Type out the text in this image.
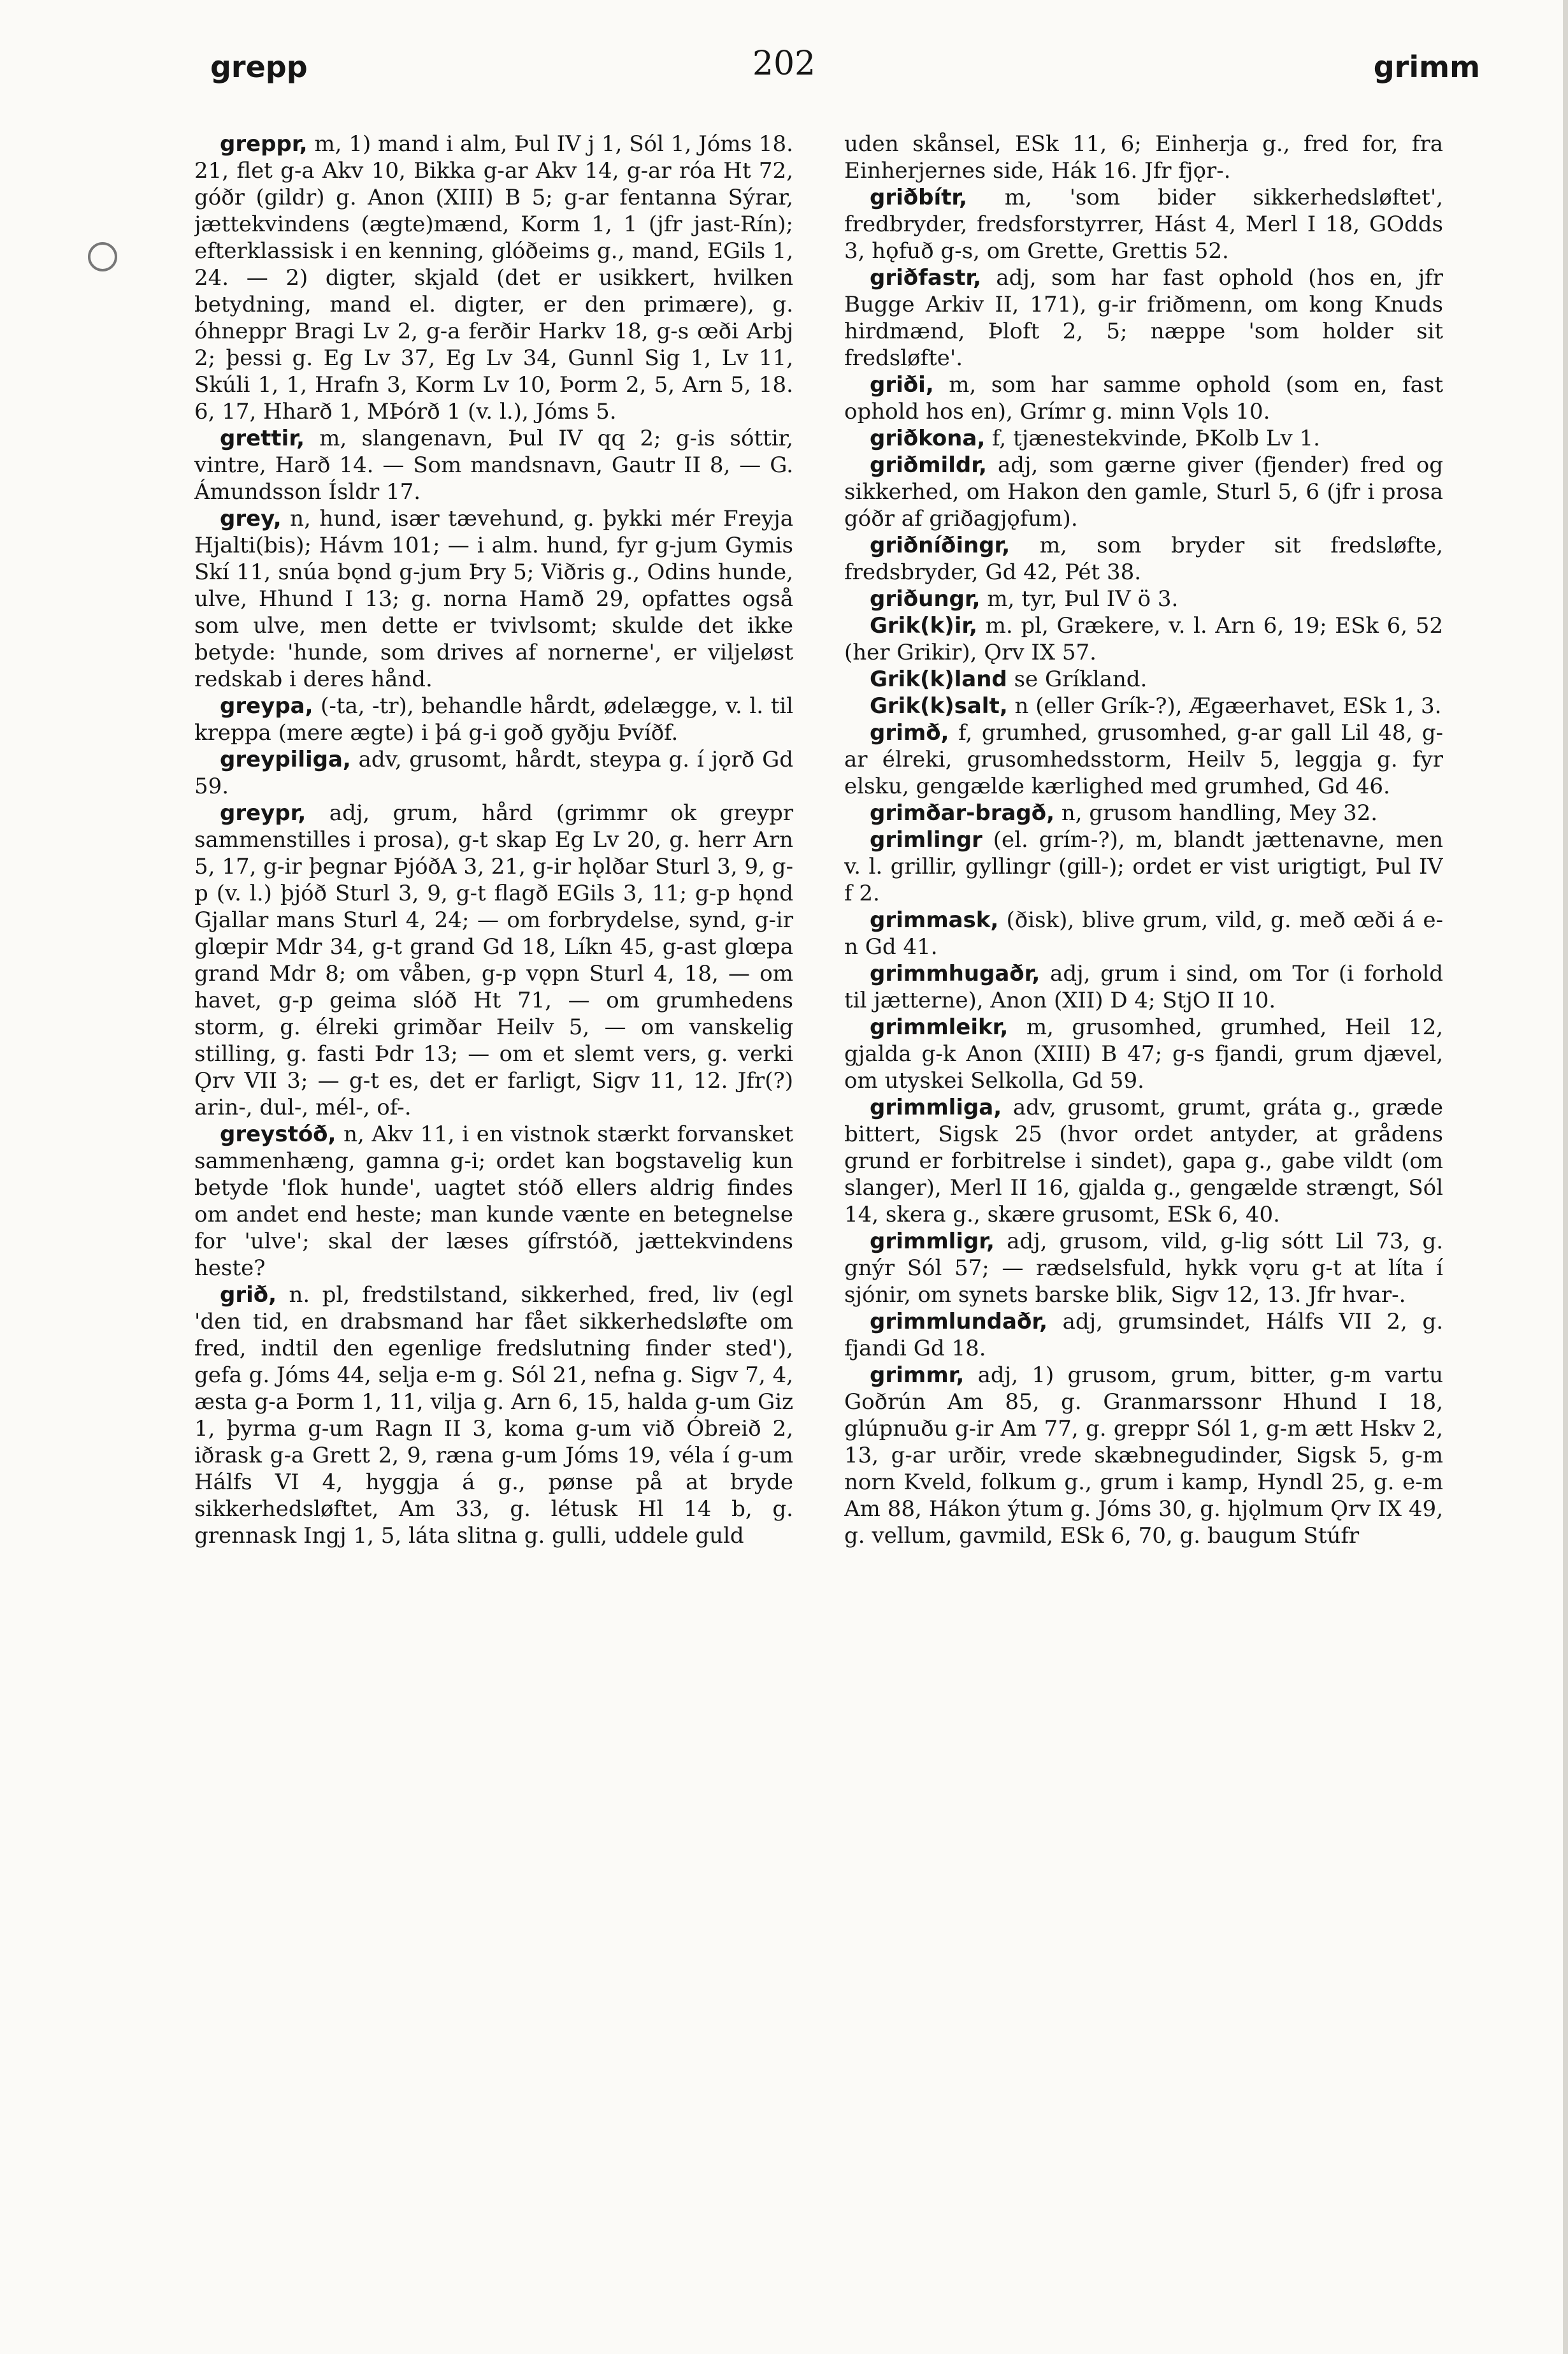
grepp	202	grimm

greppr, m, 1) mand i alm, Þul IV j 1, Sól 1, Jóms 18. 21, flet g-a Akv 10, Bikka g-ar Akv 14, g-ar róa Ht 72, góðr (gildr) g. Anon (XIII) B 5; g-ar fentanna Sýrar, jættekvindens (ægte)mænd, Korm 1, 1 (jfr jast-Rín); efterklassisk i en kenning, glóðeims g., mand, EGils 1, 24. — 2) digter, skjald (det er usikkert, hvilken betydning, mand el. digter, er den primære), g. óhneppr Bragi Lv 2, g-a ferðir Harkv 18, g-s œði Arbj 2; þessi g. Eg Lv 37, Eg Lv 34, Gunnl Sig 1, Lv 11, Skúli 1, 1, Hrafn 3, Korm Lv 10, Þorm 2, 5, Arn 5, 18. 6, 17, Hharð 1, MÞórð 1 (v. l.), Jóms 5.

grettir, m, slangenavn, Þul IV qq 2; g-is sóttir, vintre, Harð 14. — Som mandsnavn, Gautr II 8, — G. Ámundsson Ísldr 17.

grey, n, hund, især tævehund, g. þykki mér Freyja Hjalti(bis); Hávm 101; — i alm. hund, fyr g-jum Gymis Skí 11, snúa bǫnd g-jum Þry 5; Viðris g., Odins hunde, ulve, Hhund I 13; g. norna Hamð 29, opfattes også som ulve, men dette er tvivlsomt; skulde det ikke betyde: 'hunde, som drives af nornerne', er viljeløst redskab i deres hånd.

greypa, (-ta, -tr), behandle hårdt, ødelægge, v. l. til kreppa (mere ægte) i þá g-i goð gyðju Þvíðf.

greypiliga, adv, grusomt, hårdt, steypa g. í jǫrð Gd 59.

greypr, adj, grum, hård (grimmr ok greypr sammenstilles i prosa), g-t skap Eg Lv 20, g. herr Arn 5, 17, g-ir þegnar ÞjóðA 3, 21, g-ir hǫlðar Sturl 3, 9, g-p (v. l.) þjóð Sturl 3, 9, g-t flagð EGils 3, 11; g-p hǫnd Gjallar mans Sturl 4, 24; — om forbrydelse, synd, g-ir glœpir Mdr 34, g-t grand Gd 18, Líkn 45, g-ast glœpa grand Mdr 8; om våben, g-p vǫpn Sturl 4, 18, — om havet, g-p geima slóð Ht 71, — om grumhedens storm, g. élreki grimðar Heilv 5, — om vanskelig stilling, g. fasti Þdr 13; — om et slemt vers, g. verki Ǫrv VII 3; — g-t es, det er farligt, Sigv 11, 12. Jfr(?) arin-, dul-, mél-, of-.

greystóð, n, Akv 11, i en vistnok stærkt forvansket sammenhæng, gamna g-i; ordet kan bogstavelig kun betyde 'flok hunde', uagtet stóð ellers aldrig findes om andet end heste; man kunde vænte en betegnelse for 'ulve'; skal der læses gífrstóð, jættekvindens heste?

grið, n. pl, fredstilstand, sikkerhed, fred, liv (egl 'den tid, en drabsmand har fået sikkerhedsløfte om fred, indtil den egenlige fredslutning finder sted'), gefa g. Jóms 44, selja e-m g. Sól 21, nefna g. Sigv 7, 4, æsta g-a Þorm 1, 11, vilja g. Arn 6, 15, halda g-um Giz 1, þyrma g-um Ragn II 3, koma g-um við Óbreið 2, iðrask g-a Grett 2, 9, ræna g-um Jóms 19, véla í g-um Hálfs VI 4, hyggja á g., pønse på at bryde sikkerhedsløftet, Am 33, g. létusk Hl 14 b, g. grennask Ingj 1, 5, láta slitna g. gulli, uddele guld

uden skånsel, ESk 11, 6; Einherja g., fred for, fra Einherjernes side, Hák 16. Jfr fjǫr-.

griðbítr, m, 'som bider sikkerhedsløftet', fredbryder, fredsforstyrrer, Hást 4, Merl I 18, GOdds 3, hǫfuð g-s, om Grette, Grettis 52.

griðfastr, adj, som har fast ophold (hos en, jfr Bugge Arkiv II, 171), g-ir friðmenn, om kong Knuds hirdmænd, Þloft 2, 5; næppe 'som holder sit fredsløfte'.

griði, m, som har samme ophold (som en, fast ophold hos en), Grímr g. minn Vǫls 10.

griðkona, f, tjænestekvinde, ÞKolb Lv 1.

griðmildr, adj, som gærne giver (fjender) fred og sikkerhed, om Hakon den gamle, Sturl 5, 6 (jfr i prosa góðr af griðagjǫfum).

griðníðingr, m, som bryder sit fredsløfte, fredsbryder, Gd 42, Pét 38.

griðungr, m, tyr, Þul IV ö 3.

Grik(k)ir, m. pl, Grækere, v. l. Arn 6, 19; ESk 6, 52 (her Grikir), Ǫrv IX 57.

Grik(k)land se Gríkland.

Grik(k)salt, n (eller Grík-?), Ægæerhavet, ESk 1, 3.

grimð, f, grumhed, grusomhed, g-ar gall Lil 48, g-ar élreki, grusomhedsstorm, Heilv 5, leggja g. fyr elsku, gengælde kærlighed med grumhed, Gd 46.

grimðar-bragð, n, grusom handling, Mey 32.

grimlingr (el. grím-?), m, blandt jættenavne, men v. l. grillir, gyllingr (gill-); ordet er vist urigtigt, Þul IV f 2.

grimmask, (ðisk), blive grum, vild, g. með œði á e-n Gd 41.

grimmhugaðr, adj, grum i sind, om Tor (i forhold til jætterne), Anon (XII) D 4; StjO II 10.

grimmleikr, m, grusomhed, grumhed, Heil 12, gjalda g-k Anon (XIII) B 47; g-s fjandi, grum djævel, om utyskei Selkolla, Gd 59.

grimmliga, adv, grusomt, grumt, gráta g., græde bittert, Sigsk 25 (hvor ordet antyder, at grådens grund er forbitrelse i sindet), gapa g., gabe vildt (om slanger), Merl II 16, gjalda g., gengælde strængt, Sól 14, skera g., skære grusomt, ESk 6, 40.

grimmligr, adj, grusom, vild, g-lig sótt Lil 73, g. gnýr Sól 57; — rædselsfuld, hykk vǫru g-t at líta í sjónir, om synets barske blik, Sigv 12, 13. Jfr hvar-.

grimmlundaðr, adj, grumsindet, Hálfs VII 2, g. fjandi Gd 18.

grimmr, adj, 1) grusom, grum, bitter, g-m vartu Goðrún Am 85, g. Granmarssonr Hhund I 18, glúpnuðu g-ir Am 77, g. greppr Sól 1, g-m ætt Hskv 2, 13, g-ar urðir, vrede skæbnegudinder, Sigsk 5, g-m norn Kveld, folkum g., grum i kamp, Hyndl 25, g. e-m Am 88, Hákon ýtum g. Jóms 30, g. hjǫlmum Ǫrv IX 49, g. vellum, gavmild, ESk 6, 70, g. baugum Stúfr
